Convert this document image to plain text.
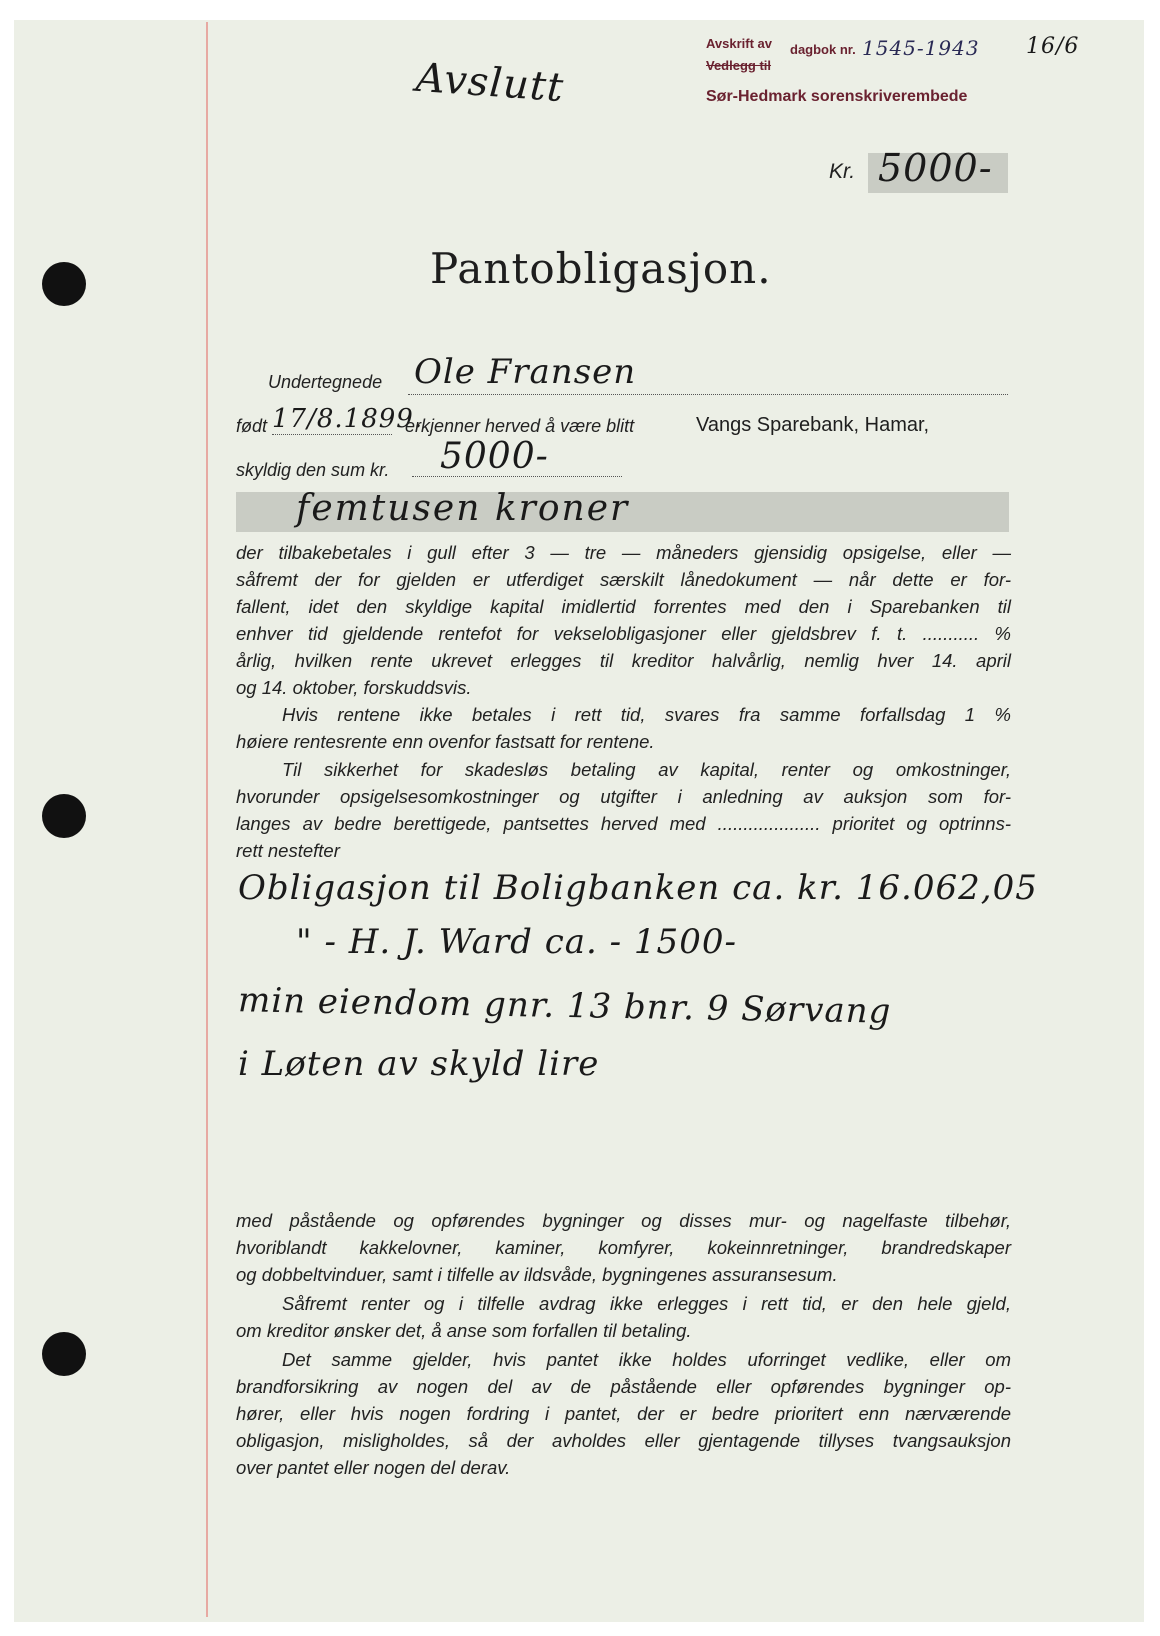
Avslutt
Avskrift av dagbok nr. 1545-1943 16/6
Vedlegg til
Sør-Hedmark sorenskriverembede
Kr. 5000-
Pantobligasjon.
Undertegnede Ole Fransen
født 17/8.1899.
erkjenner herved å være blitt	Vangs Sparebank, Hamar,
skyldig den sum kr. 5000-
femtusen kroner
der tilbakebetales i gull efter 3 — tre — måneders gjensidig opsigelse, eller —
såfremt der for gjelden er utferdiget særskilt lånedokument — når dette er for-
fallent, idet den skyldige kapital imidlertid forrentes med den i Sparebanken til
enhver tid gjeldende rentefot for vekselobligasjoner eller gjeldsbrev f. t. ........... %
årlig, hvilken rente ukrevet erlegges til kreditor halvårlig, nemlig hver 14. april
og 14. oktober, forskuddsvis.
Hvis rentene ikke betales i rett tid, svares fra samme forfallsdag 1 %
høiere rentesrente enn ovenfor fastsatt for rentene.
Til sikkerhet for skadesløs betaling av kapital, renter og omkostninger,
hvorunder opsigelsesomkostninger og utgifter i anledning av auksjon som for-
langes av bedre berettigede, pantsettes herved med .................... prioritet og optrinns-
rett nestefter
Obligasjon til Boligbanken ca. kr. 16.062,05
" - H. J. Ward ca. - 1500-
min eiendom gnr. 13 bnr. 9 Sørvang
i Løten av skyld lire
med påstående og opførendes bygninger og disses mur- og nagelfaste tilbehør,
hvoriblandt kakkelovner, kaminer, komfyrer, kokeinnretninger, brandredskaper
og dobbeltvinduer, samt i tilfelle av ildsvåde, bygningenes assuransesum.
Såfremt renter og i tilfelle avdrag ikke erlegges i rett tid, er den hele gjeld,
om kreditor ønsker det, å anse som forfallen til betaling.
Det samme gjelder, hvis pantet ikke holdes uforringet vedlike, eller om
brandforsikring av nogen del av de påstående eller opførendes bygninger op-
hører, eller hvis nogen fordring i pantet, der er bedre prioritert enn nærværende
obligasjon, misligholdes, så der avholdes eller gjentagende tillyses tvangsauksjon
over pantet eller nogen del derav.
